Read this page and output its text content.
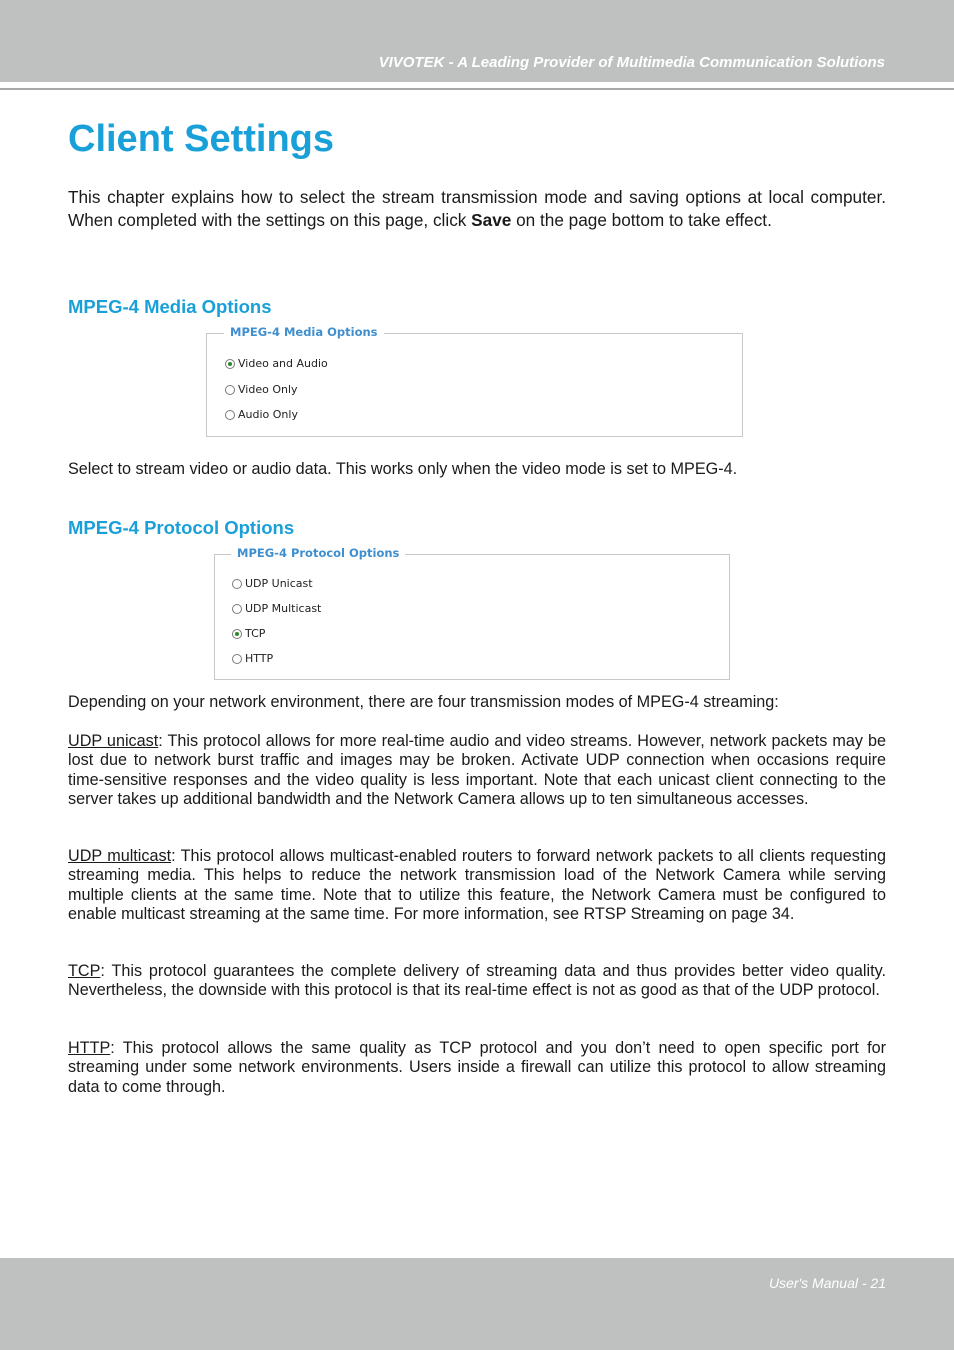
VIVOTEK - A Leading Provider of Multimedia Communication Solutions
Client Settings

This chapter explains how to select the stream transmission mode and saving options at local computer. When completed with the settings on this page, click Save on the page bottom to take effect.

MPEG-4 Media Options
MPEG-4 Media Options
Video and Audio
Video Only
Audio Only

Select to stream video or audio data. This works only when the video mode is set to MPEG-4.

MPEG-4 Protocol Options
MPEG-4 Protocol Options
UDP Unicast
UDP Multicast
TCP
HTTP

Depending on your network environment, there are four transmission modes of MPEG-4 streaming:

UDP unicast: This protocol allows for more real-time audio and video streams. However, network packets may be lost due to network burst traffic and images may be broken. Activate UDP connection when occasions require time-sensitive responses and the video quality is less important. Note that each unicast client connecting to the server takes up additional bandwidth and the Network Camera allows up to ten simultaneous accesses.

UDP multicast: This protocol allows multicast-enabled routers to forward network packets to all clients requesting streaming media. This helps to reduce the network transmission load of the Network Camera while serving multiple clients at the same time. Note that to utilize this feature, the Network Camera must be configured to enable multicast streaming at the same time. For more information, see RTSP Streaming on page 34.

TCP: This protocol guarantees the complete delivery of streaming data and thus provides better video quality. Nevertheless, the downside with this protocol is that its real-time effect is not as good as that of the UDP protocol.

HTTP: This protocol allows the same quality as TCP protocol and you don’t need to open specific port for streaming under some network environments. Users inside a firewall can utilize this protocol to allow streaming data to come through.

User's Manual - 21
